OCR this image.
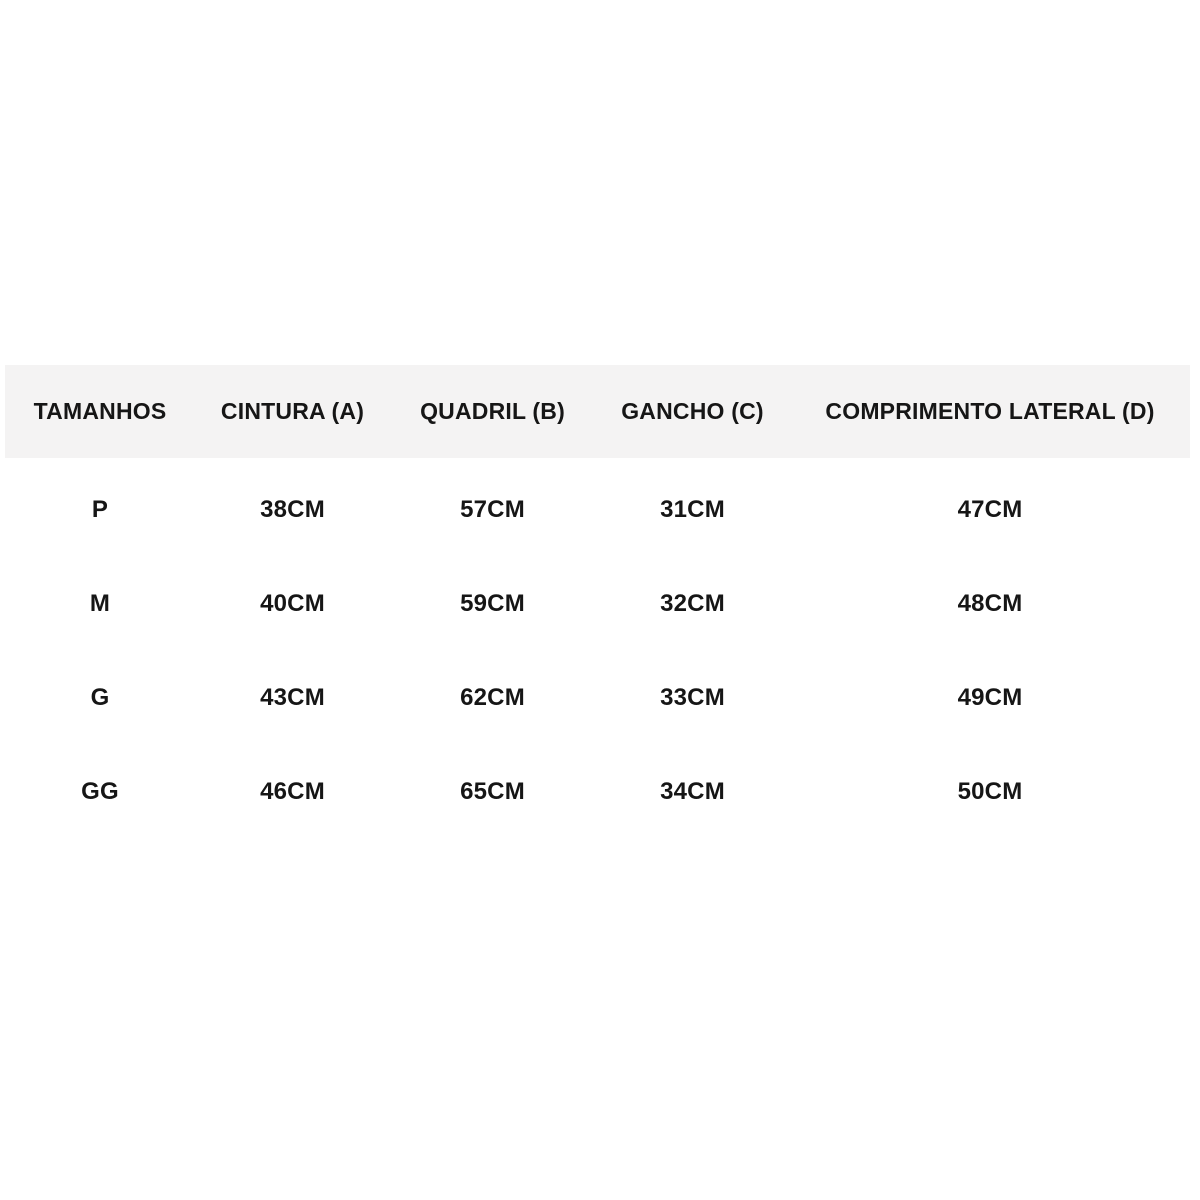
TAMANHOS	CINTURA (A)	QUADRIL (B)	GANCHO (C)	COMPRIMENTO LATERAL (D)
P	38CM	57CM	31CM	47CM
M	40CM	59CM	32CM	48CM
G	43CM	62CM	33CM	49CM
GG	46CM	65CM	34CM	50CM
